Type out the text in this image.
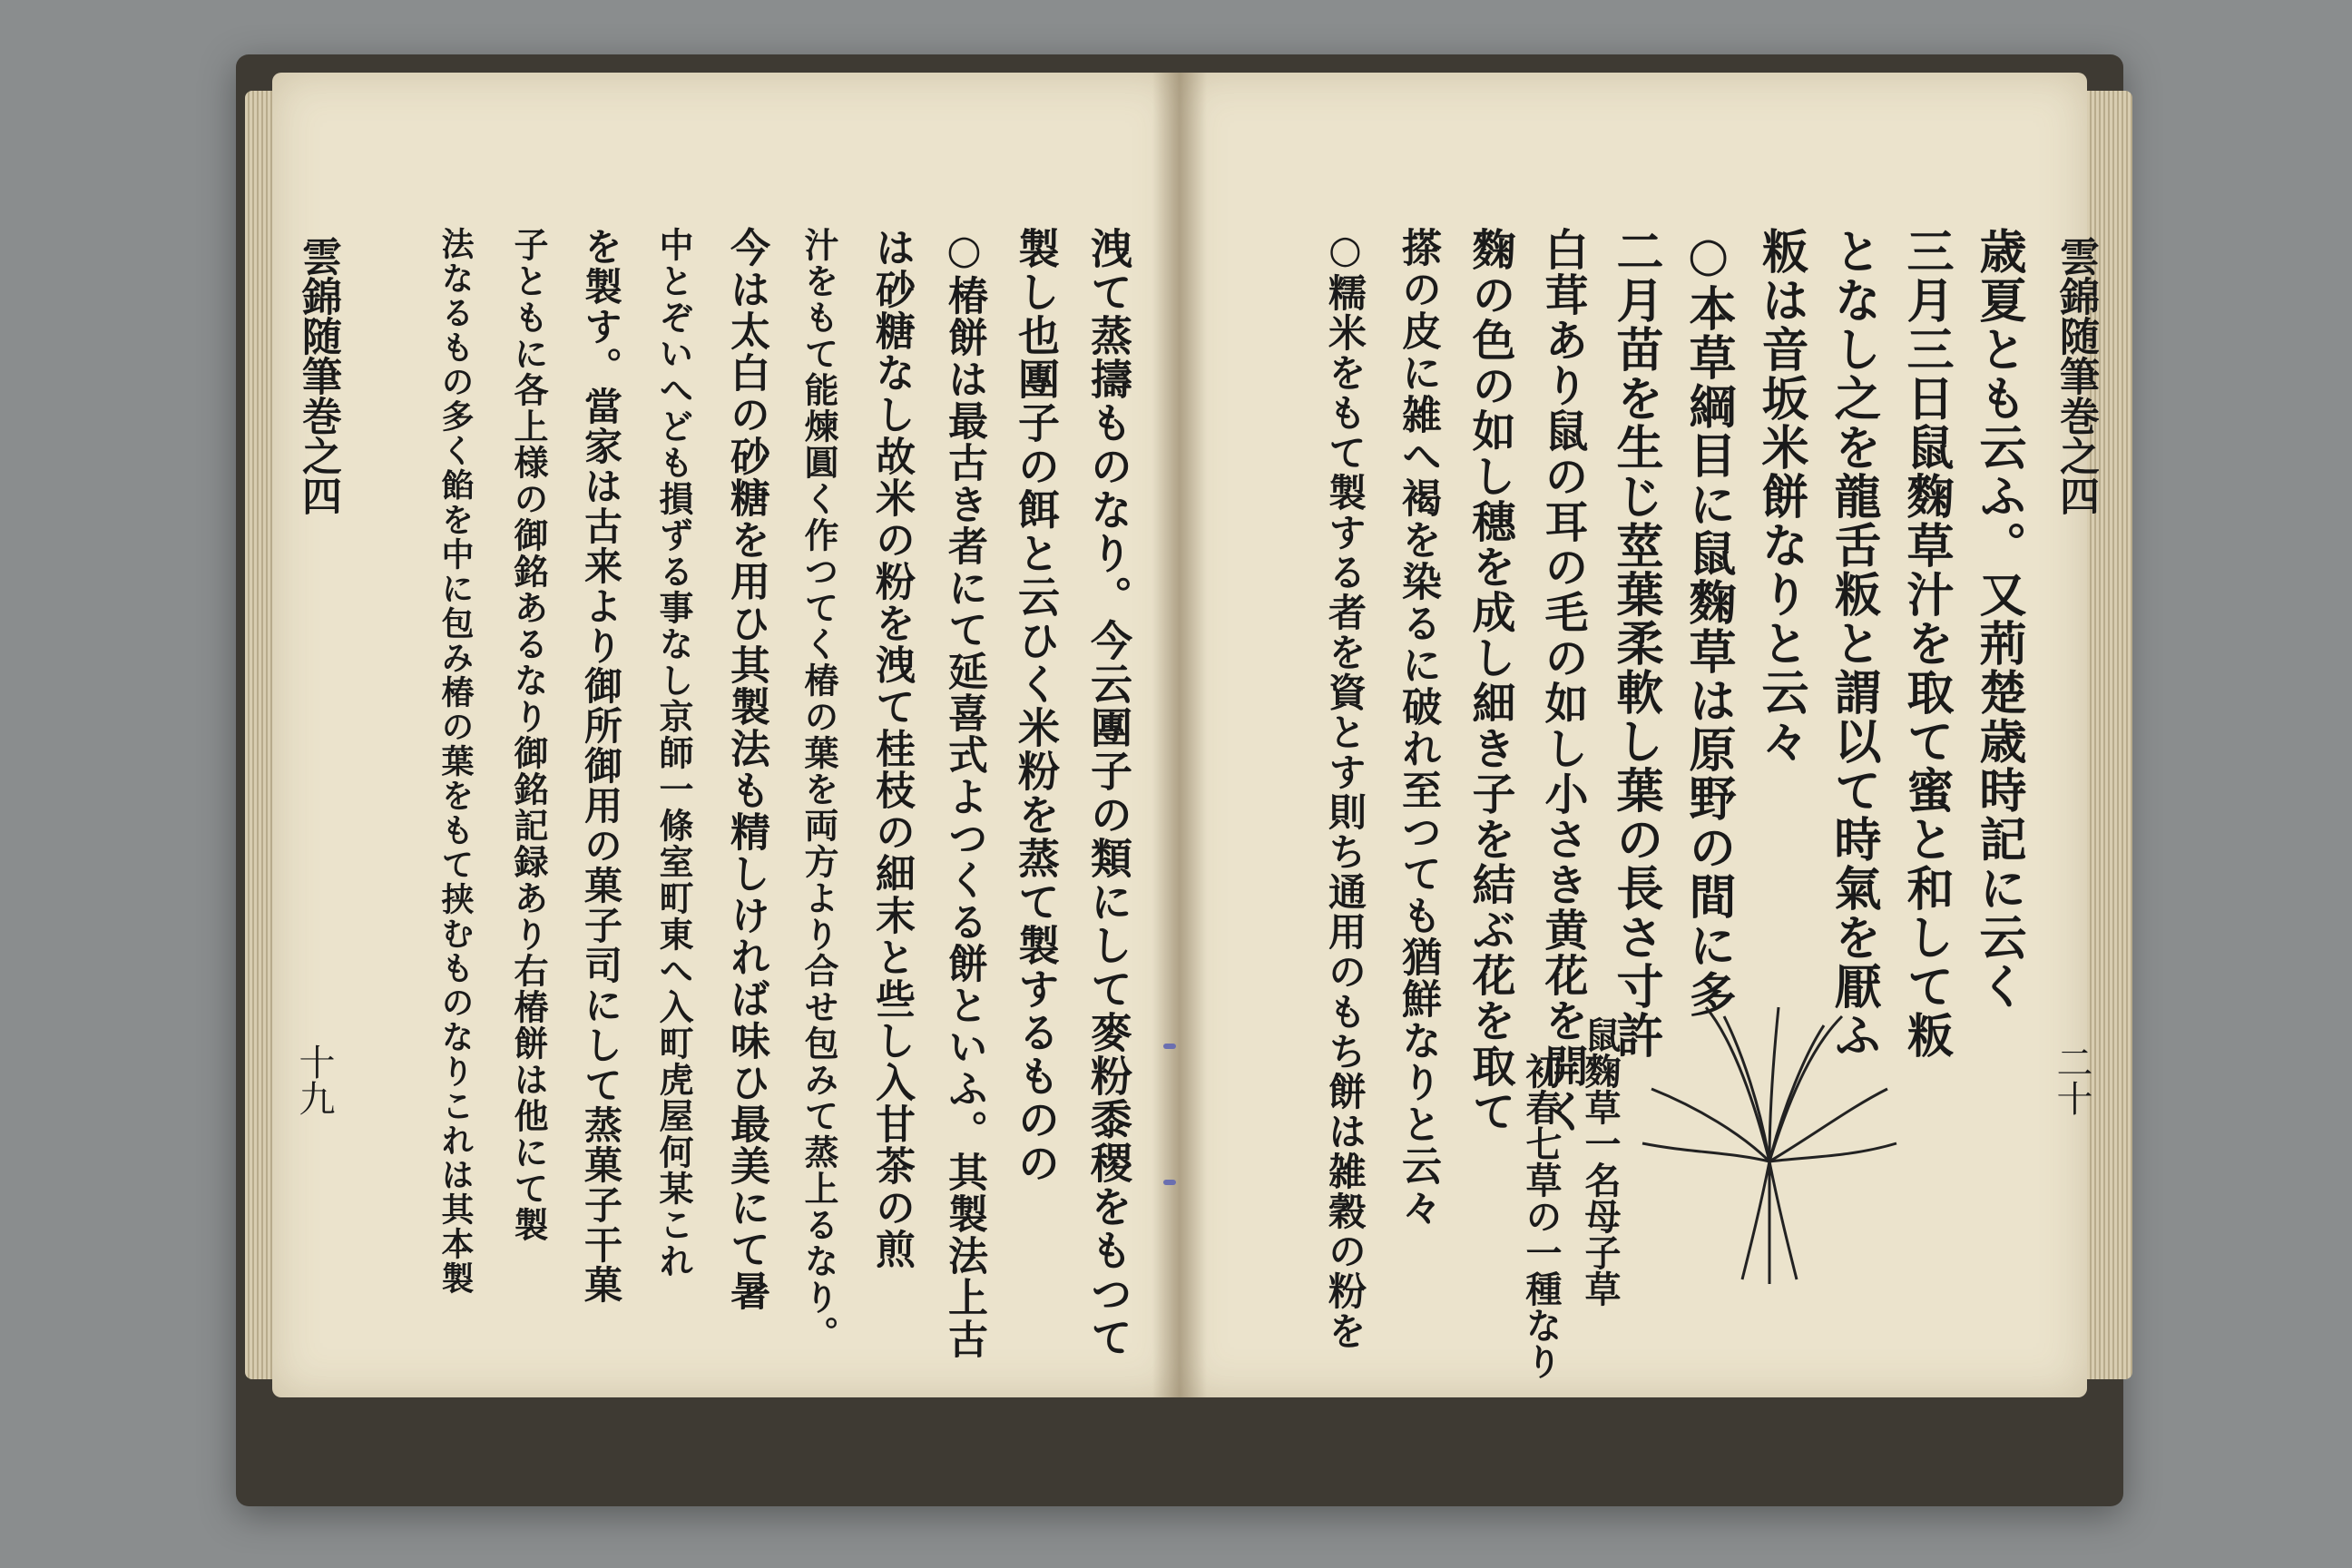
雲錦随筆巻之四
二十
歳夏とも云ふ。又荊楚歳時記に云く
三月三日鼠麴草汁を取て蜜と和して粄
となし之を龍舌粄と謂以て時氣を厭ふ
粄は音坂米餅なりと云々
○本草綱目に鼠麴草は原野の間に多
二月苗を生じ莖葉柔軟し葉の長さ寸許
白茸あり鼠の耳の毛の如し小さき黄花を開く
麴の色の如し穗を成し細き子を結ぶ花を取て
搽の皮に雑へ褐を染るに破れ至つても猶鮮なりと云々
○糯米をもて製する者を資とす則ち通用のもち餅は雑穀の粉を	鼠麴草一名母子草
初春七草の一種なり
雲錦随筆巻之四
十九	洩て蒸擣ものなり。今云團子の類にして麥粉黍稷をもつて
製し也團子の餌と云ひく米粉を蒸て製するものの
○椿餅は最古き者にて延喜式よつくる餅といふ。其製法上古
は砂糖なし故米の粉を洩て桂枝の細末と些し入甘茶の煎
汁をもて能煉圓く作つてく椿の葉を両方より合せ包みて蒸上るなり。
今は太白の砂糖を用ひ其製法も精しければ味ひ最美にて暑
中とぞいへども損ずる事なし京師一條室町東へ入町虎屋何某これ
を製す。當家は古来より御所御用の菓子司にして蒸菓子干菓
子ともに各上様の御銘あるなり御銘記録あり右椿餅は他にて製
法なるもの多く餡を中に包み椿の葉をもて挟むものなりこれは其本製
